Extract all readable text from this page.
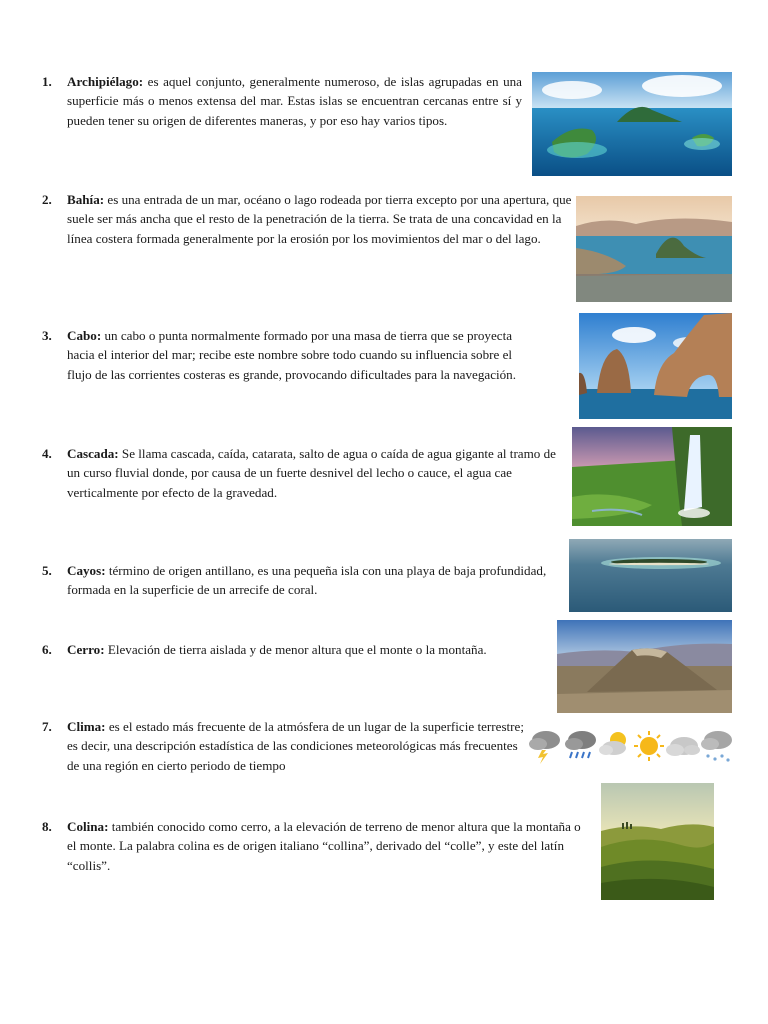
1. Archipiélago: es aquel conjunto, generalmente numeroso, de islas agrupadas en una superficie más o menos extensa del mar. Estas islas se encuentran cercanas entre sí y pueden tener su origen de diferentes maneras, y por eso hay varios tipos.
2. Bahía: es una entrada de un mar, océano o lago rodeada por tierra excepto por una apertura, que suele ser más ancha que el resto de la penetración de la tierra. Se trata de una concavidad en la línea costera formada generalmente por la erosión por los movimientos del mar o del lago.
3. Cabo: un cabo o punta normalmente formado por una masa de tierra que se proyecta hacia el interior del mar; recibe este nombre sobre todo cuando su influencia sobre el flujo de las corrientes costeras es grande, provocando dificultades para la navegación.
4. Cascada: Se llama cascada, caída, catarata, salto de agua o caída de agua gigante al tramo de un curso fluvial donde, por causa de un fuerte desnivel del lecho o cauce, el agua cae verticalmente por efecto de la gravedad.
5. Cayos: término de origen antillano, es una pequeña isla con una playa de baja profundidad, formada en la superficie de un arrecife de coral.
6. Cerro: Elevación de tierra aislada y de menor altura que el monte o la montaña.
7. Clima: es el estado más frecuente de la atmósfera de un lugar de la superficie terrestre; es decir, una descripción estadística de las condiciones meteorológicas más frecuentes de una región en cierto periodo de tiempo
8. Colina: también conocido como cerro, a la elevación de terreno de menor altura que la montaña o el monte. La palabra colina es de origen italiano “collina”, derivado del “colle”, y este del latín “collis”.
